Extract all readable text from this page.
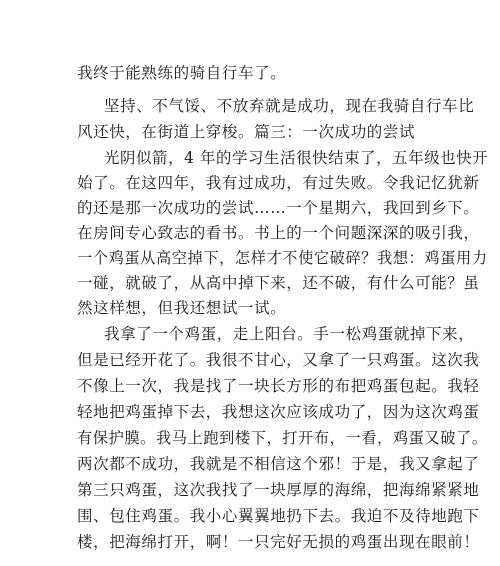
我终于能熟练的骑自行车了。
坚持、不气馁、不放弃就是成功，现在我骑自行车比
风还快，在街道上穿梭。篇三：一次成功的尝试
光阴似箭，4 年的学习生活很快结束了，五年级也快开
始了。在这四年，我有过成功，有过失败。令我记忆犹新
的还是那一次成功的尝试……一个星期六，我回到乡下。
在房间专心致志的看书。书上的一个问题深深的吸引我，
一个鸡蛋从高空掉下，怎样才不使它破碎？我想：鸡蛋用力
一碰，就破了，从高中掉下来，还不破，有什么可能？虽
然这样想，但我还想试一试。
我拿了一个鸡蛋，走上阳台。手一松鸡蛋就掉下来，
但是已经开花了。我很不甘心，又拿了一只鸡蛋。这次我
不像上一次，我是找了一块长方形的布把鸡蛋包起。我轻
轻地把鸡蛋掉下去，我想这次应该成功了，因为这次鸡蛋
有保护膜。我马上跑到楼下，打开布，一看，鸡蛋又破了。
两次都不成功，我就是不相信这个邪！于是，我又拿起了
第三只鸡蛋，这次我找了一块厚厚的海绵，把海绵紧紧地
围、包住鸡蛋。我小心翼翼地扔下去。我迫不及待地跑下
楼，把海绵打开，啊！一只完好无损的鸡蛋出现在眼前！
